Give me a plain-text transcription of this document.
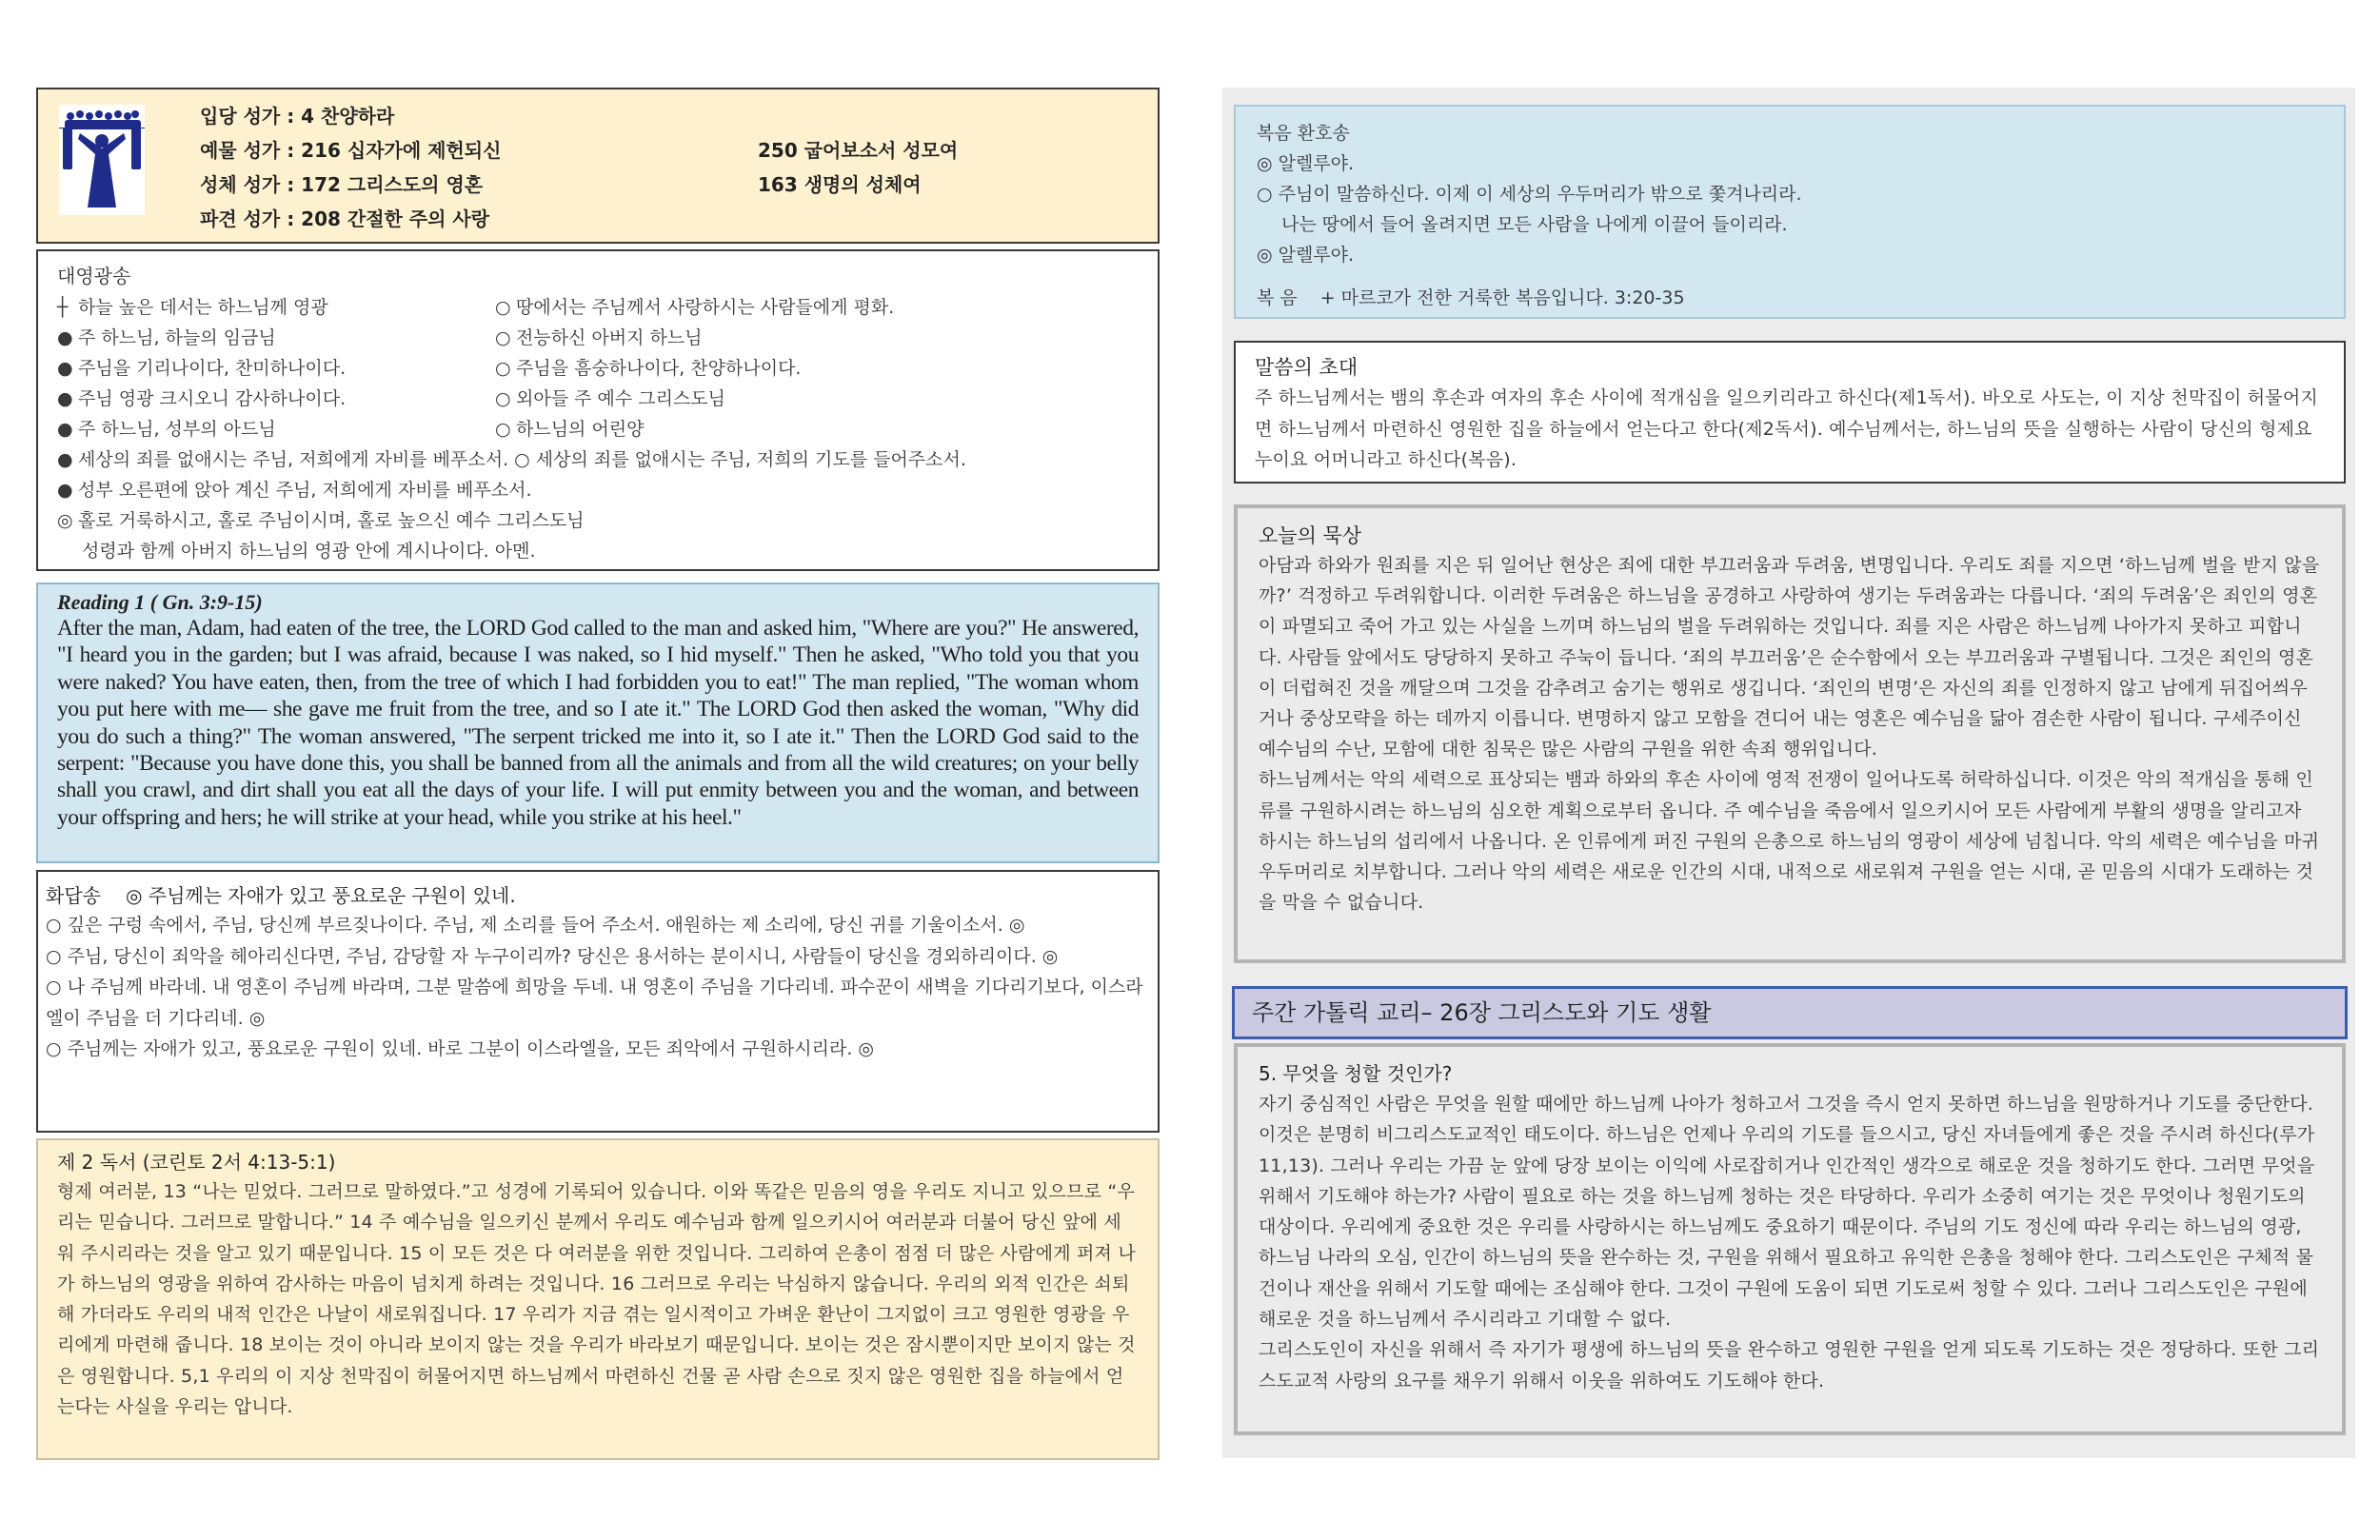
입당 성가 : 4 찬양하라
예물 성가 : 216 십자가에 제헌되신	250 굽어보소서 성모여
성체 성가 : 172 그리스도의 영혼	163 생명의 성체여
파견 성가 : 208 간절한 주의 사랑
대영광송
┼ 하늘 높은 데서는 하느님께 영광	○ 땅에서는 주님께서 사랑하시는 사람들에게 평화.
● 주 하느님, 하늘의 임금님	○ 전능하신 아버지 하느님
● 주님을 기리나이다, 찬미하나이다.	○ 주님을 흠숭하나이다, 찬양하나이다.
● 주님 영광 크시오니 감사하나이다.	○ 외아들 주 예수 그리스도님
● 주 하느님, 성부의 아드님	○ 하느님의 어린양
● 세상의 죄를 없애시는 주님, 저희에게 자비를 베푸소서. ○ 세상의 죄를 없애시는 주님, 저희의 기도를 들어주소서.
● 성부 오른편에 앉아 계신 주님, 저희에게 자비를 베푸소서.
◎ 홀로 거룩하시고, 홀로 주님이시며, 홀로 높으신 예수 그리스도님
성령과 함께 아버지 하느님의 영광 안에 계시나이다. 아멘.
Reading 1 ( Gn. 3:9-15)
After the man, Adam, had eaten of the tree, the LORD God called to the man and asked him, "Where are you?" He answered, "I heard you in the garden; but I was afraid, because I was naked, so I hid myself." Then he asked, "Who told you that you were naked? You have eaten, then, from the tree of which I had forbidden you to eat!" The man replied, "The woman whom you put here with me— she gave me fruit from the tree, and so I ate it." The LORD God then asked the woman, "Why did you do such a thing?" The woman answered, "The serpent tricked me into it, so I ate it." Then the LORD God said to the serpent: "Because you have done this, you shall be banned from all the animals and from all the wild creatures; on your belly shall you crawl, and dirt shall you eat all the days of your life. I will put enmity between you and the woman, and between your offspring and hers; he will strike at your head, while you strike at his heel."
화답송 ◎ 주님께는 자애가 있고 풍요로운 구원이 있네.
○ 깊은 구렁 속에서, 주님, 당신께 부르짖나이다. 주님, 제 소리를 들어 주소서. 애원하는 제 소리에, 당신 귀를 기울이소서. ◎
○ 주님, 당신이 죄악을 헤아리신다면, 주님, 감당할 자 누구이리까? 당신은 용서하는 분이시니, 사람들이 당신을 경외하리이다. ◎
○ 나 주님께 바라네. 내 영혼이 주님께 바라며, 그분 말씀에 희망을 두네. 내 영혼이 주님을 기다리네. 파수꾼이 새벽을 기다리기보다, 이스라엘이 주님을 더 기다리네. ◎
○ 주님께는 자애가 있고, 풍요로운 구원이 있네. 바로 그분이 이스라엘을, 모든 죄악에서 구원하시리라. ◎
제 2 독서 (코린토 2서 4:13-5:1)
형제 여러분, 13 “나는 믿었다. 그러므로 말하였다.”고 성경에 기록되어 있습니다. 이와 똑같은 믿음의 영을 우리도 지니고 있으므로 “우리는 믿습니다. 그러므로 말합니다.” 14 주 예수님을 일으키신 분께서 우리도 예수님과 함께 일으키시어 여러분과 더불어 당신 앞에 세워 주시리라는 것을 알고 있기 때문입니다. 15 이 모든 것은 다 여러분을 위한 것입니다. 그리하여 은총이 점점 더 많은 사람에게 퍼져 나가 하느님의 영광을 위하여 감사하는 마음이 넘치게 하려는 것입니다. 16 그러므로 우리는 낙심하지 않습니다. 우리의 외적 인간은 쇠퇴해 가더라도 우리의 내적 인간은 나날이 새로워집니다. 17 우리가 지금 겪는 일시적이고 가벼운 환난이 그지없이 크고 영원한 영광을 우리에게 마련해 줍니다. 18 보이는 것이 아니라 보이지 않는 것을 우리가 바라보기 때문입니다. 보이는 것은 잠시뿐이지만 보이지 않는 것은 영원합니다. 5,1 우리의 이 지상 천막집이 허물어지면 하느님께서 마련하신 건물 곧 사람 손으로 짓지 않은 영원한 집을 하늘에서 얻는다는 사실을 우리는 압니다.
복음 환호송
◎ 알렐루야.
○ 주님이 말씀하신다. 이제 이 세상의 우두머리가 밖으로 쫓겨나리라.
나는 땅에서 들어 올려지면 모든 사람을 나에게 이끌어 들이리라.
◎ 알렐루야.
복음 + 마르코가 전한 거룩한 복음입니다. 3:20-35
말씀의 초대
주 하느님께서는 뱀의 후손과 여자의 후손 사이에 적개심을 일으키리라고 하신다(제1독서). 바오로 사도는, 이 지상 천막집이 허물어지면 하느님께서 마련하신 영원한 집을 하늘에서 얻는다고 한다(제2독서). 예수님께서는, 하느님의 뜻을 실행하는 사람이 당신의 형제요 누이요 어머니라고 하신다(복음).
오늘의 묵상

아담과 하와가 원죄를 지은 뒤 일어난 현상은 죄에 대한 부끄러움과 두려움, 변명입니다. 우리도 죄를 지으면 ‘하느님께 벌을 받지 않을까?’ 걱정하고 두려워합니다. 이러한 두려움은 하느님을 공경하고 사랑하여 생기는 두려움과는 다릅니다. ‘죄의 두려움’은 죄인의 영혼이 파멸되고 죽어 가고 있는 사실을 느끼며 하느님의 벌을 두려워하는 것입니다. 죄를 지은 사람은 하느님께 나아가지 못하고 피합니다. 사람들 앞에서도 당당하지 못하고 주눅이 듭니다. ‘죄의 부끄러움’은 순수함에서 오는 부끄러움과 구별됩니다. 그것은 죄인의 영혼이 더럽혀진 것을 깨달으며 그것을 감추려고 숨기는 행위로 생깁니다. ‘죄인의 변명’은 자신의 죄를 인정하지 않고 남에게 뒤집어씌우거나 중상모략을 하는 데까지 이릅니다. 변명하지 않고 모함을 견디어 내는 영혼은 예수님을 닮아 겸손한 사람이 됩니다. 구세주이신 예수님의 수난, 모함에 대한 침묵은 많은 사람의 구원을 위한 속죄 행위입니다.

하느님께서는 악의 세력으로 표상되는 뱀과 하와의 후손 사이에 영적 전쟁이 일어나도록 허락하십니다. 이것은 악의 적개심을 통해 인류를 구원하시려는 하느님의 심오한 계획으로부터 옵니다. 주 예수님을 죽음에서 일으키시어 모든 사람에게 부활의 생명을 알리고자 하시는 하느님의 섭리에서 나옵니다. 온 인류에게 퍼진 구원의 은총으로 하느님의 영광이 세상에 넘칩니다. 악의 세력은 예수님을 마귀 우두머리로 치부합니다. 그러나 악의 세력은 새로운 인간의 시대, 내적으로 새로워져 구원을 얻는 시대, 곧 믿음의 시대가 도래하는 것을 막을 수 없습니다.

주간 가톨릭 교리– 26장 그리스도와 기도 생활
5. 무엇을 청할 것인가?

자기 중심적인 사람은 무엇을 원할 때에만 하느님께 나아가 청하고서 그것을 즉시 얻지 못하면 하느님을 원망하거나 기도를 중단한다. 이것은 분명히 비그리스도교적인 태도이다. 하느님은 언제나 우리의 기도를 들으시고, 당신 자녀들에게 좋은 것을 주시려 하신다(루가 11,13). 그러나 우리는 가끔 눈 앞에 당장 보이는 이익에 사로잡히거나 인간적인 생각으로 해로운 것을 청하기도 한다. 그러면 무엇을 위해서 기도해야 하는가? 사람이 필요로 하는 것을 하느님께 청하는 것은 타당하다. 우리가 소중히 여기는 것은 무엇이나 청원기도의 대상이다. 우리에게 중요한 것은 우리를 사랑하시는 하느님께도 중요하기 때문이다. 주님의 기도 정신에 따라 우리는 하느님의 영광, 하느님 나라의 오심, 인간이 하느님의 뜻을 완수하는 것, 구원을 위해서 필요하고 유익한 은총을 청해야 한다. 그리스도인은 구체적 물건이나 재산을 위해서 기도할 때에는 조심해야 한다. 그것이 구원에 도움이 되면 기도로써 청할 수 있다. 그러나 그리스도인은 구원에 해로운 것을 하느님께서 주시리라고 기대할 수 없다.

그리스도인이 자신을 위해서 즉 자기가 평생에 하느님의 뜻을 완수하고 영원한 구원을 얻게 되도록 기도하는 것은 정당하다. 또한 그리스도교적 사랑의 요구를 채우기 위해서 이웃을 위하여도 기도해야 한다.
